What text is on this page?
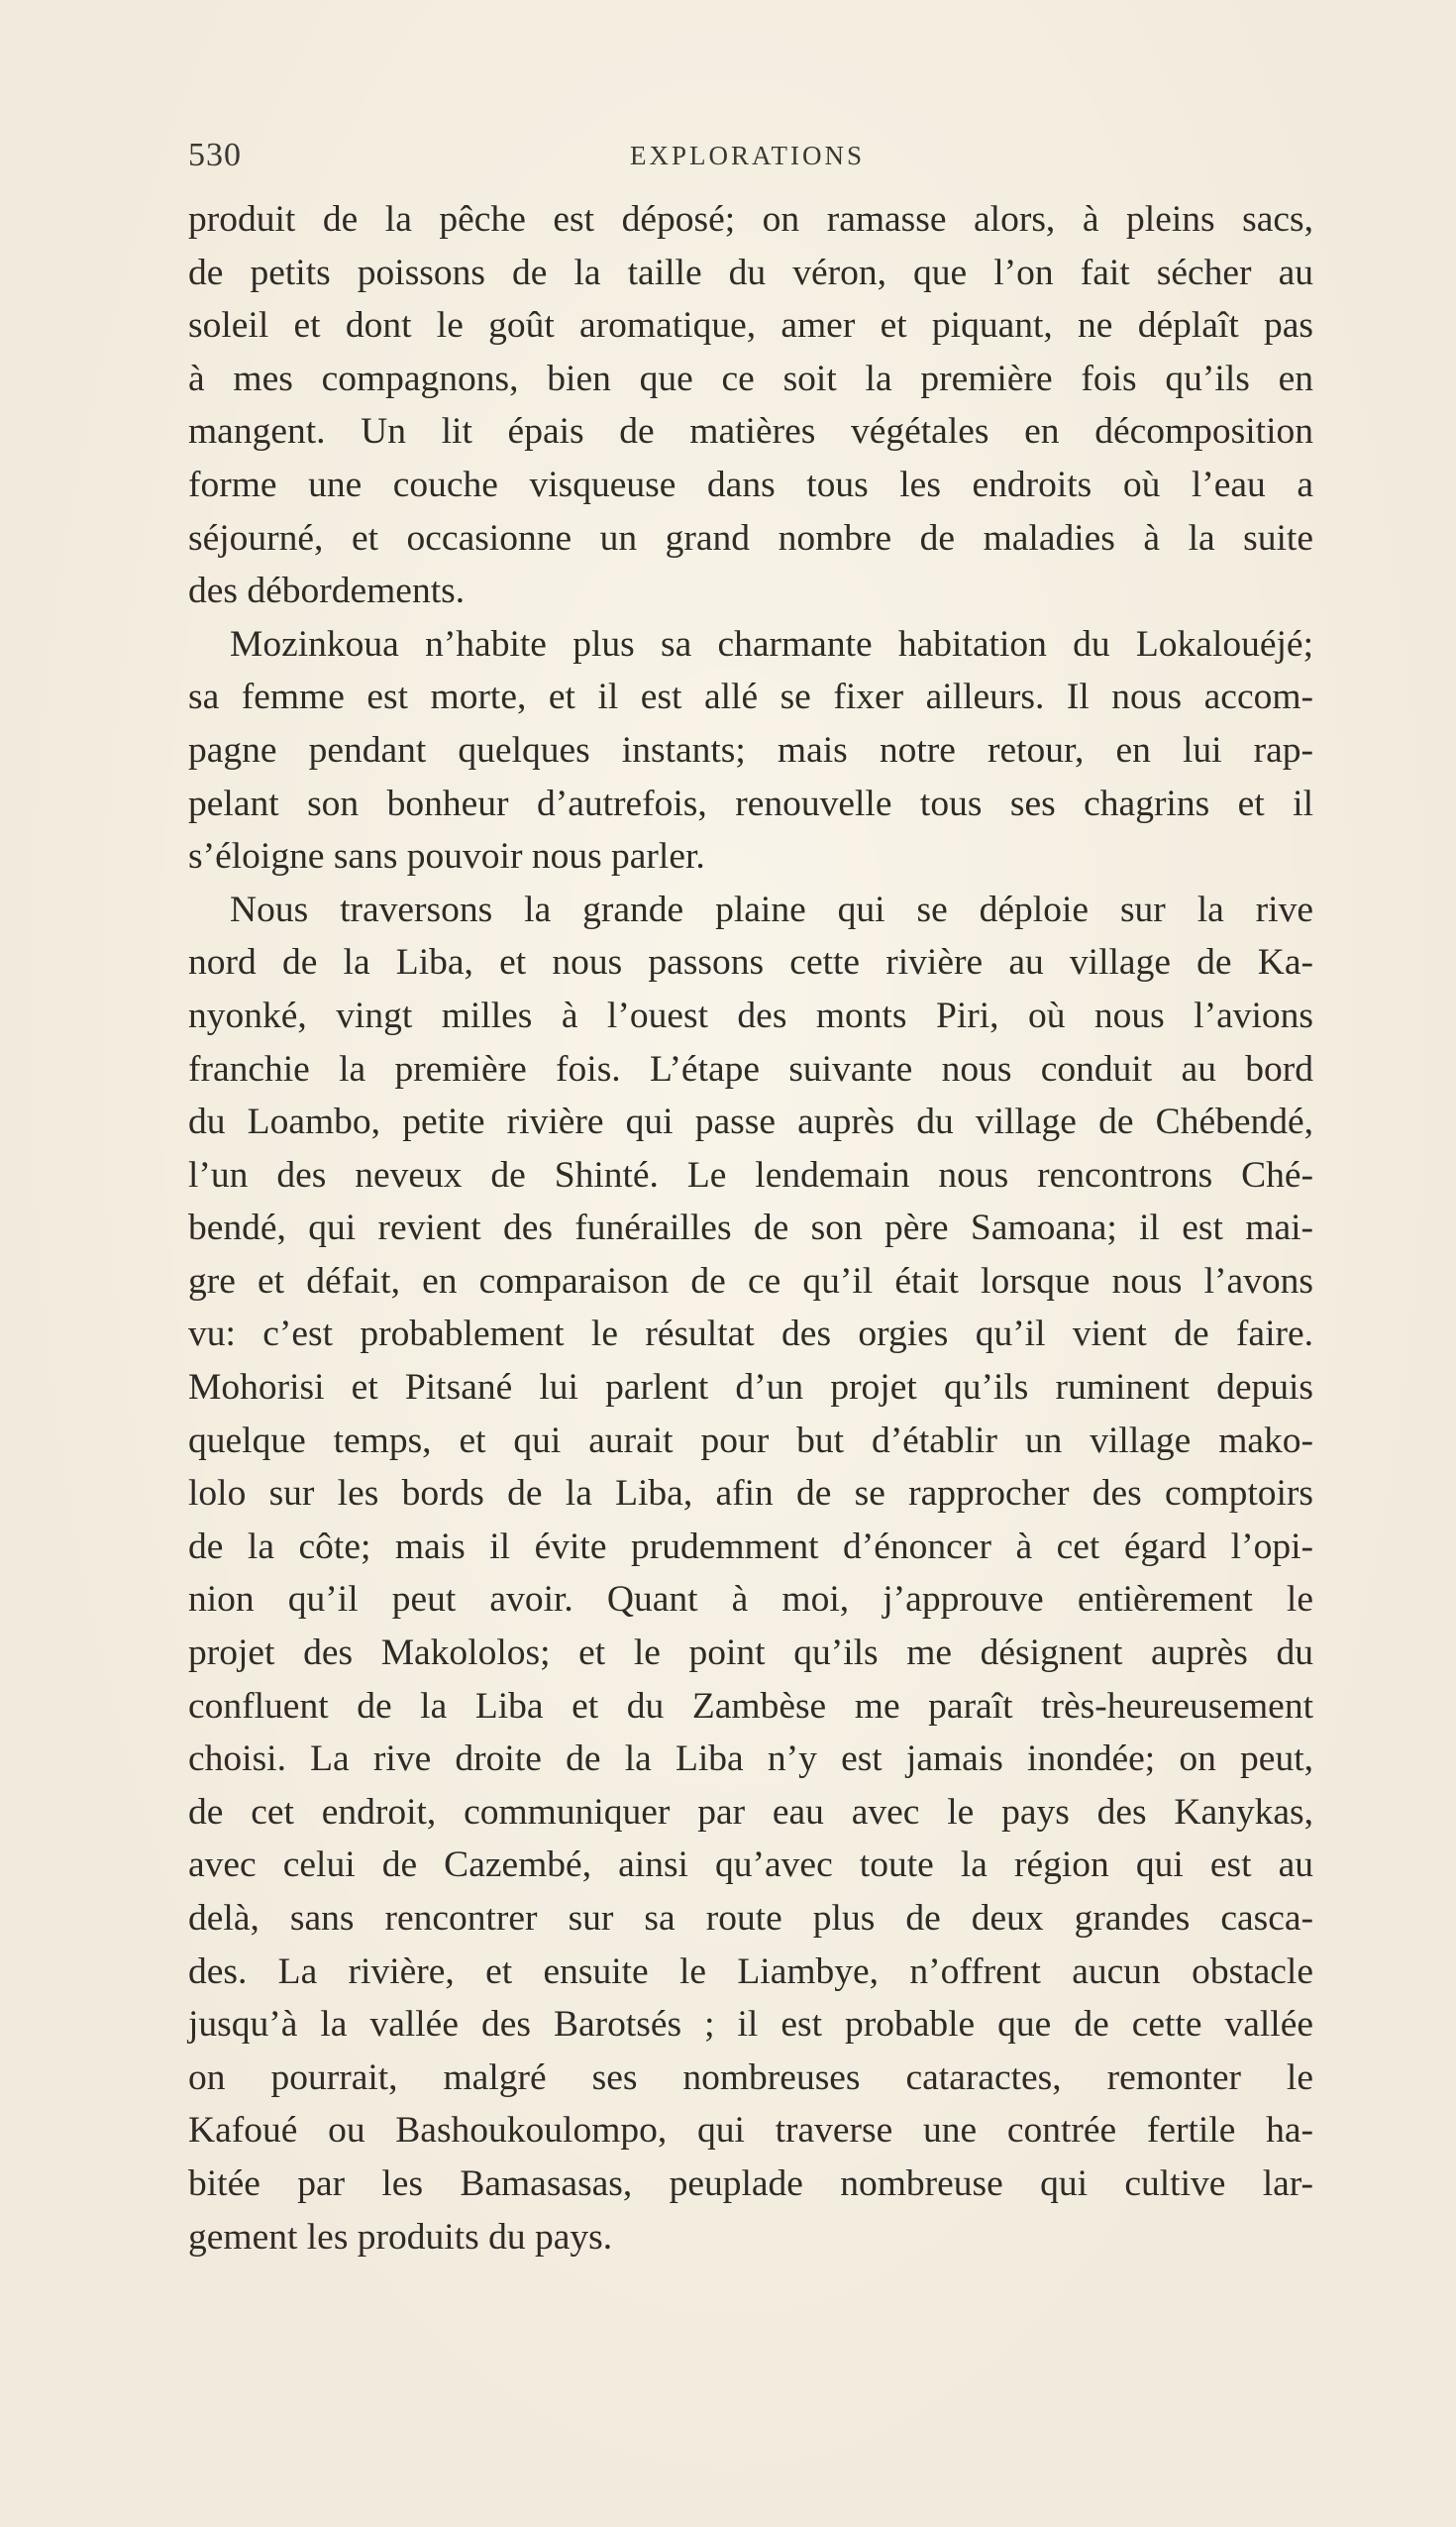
530	EXPLORATIONS
produit de la pêche est déposé; on ramasse alors, à pleins sacs,
de petits poissons de la taille du véron, que l’on fait sécher au
soleil et dont le goût aromatique, amer et piquant, ne déplaît pas
à mes compagnons, bien que ce soit la première fois qu’ils en
mangent. Un lit épais de matières végétales en décomposition
forme une couche visqueuse dans tous les endroits où l’eau a
séjourné, et occasionne un grand nombre de maladies à la suite
des débordements.
Mozinkoua n’habite plus sa charmante habitation du Lokalouéjé;
sa femme est morte, et il est allé se fixer ailleurs. Il nous accom-
pagne pendant quelques instants; mais notre retour, en lui rap-
pelant son bonheur d’autrefois, renouvelle tous ses chagrins et il
s’éloigne sans pouvoir nous parler.
Nous traversons la grande plaine qui se déploie sur la rive
nord de la Liba, et nous passons cette rivière au village de Ka-
nyonké, vingt milles à l’ouest des monts Piri, où nous l’avions
franchie la première fois. L’étape suivante nous conduit au bord
du Loambo, petite rivière qui passe auprès du village de Chébendé,
l’un des neveux de Shinté. Le lendemain nous rencontrons Ché-
bendé, qui revient des funérailles de son père Samoana; il est mai-
gre et défait, en comparaison de ce qu’il était lorsque nous l’avons
vu: c’est probablement le résultat des orgies qu’il vient de faire.
Mohorisi et Pitsané lui parlent d’un projet qu’ils ruminent depuis
quelque temps, et qui aurait pour but d’établir un village mako-
lolo sur les bords de la Liba, afin de se rapprocher des comptoirs
de la côte; mais il évite prudemment d’énoncer à cet égard l’opi-
nion qu’il peut avoir. Quant à moi, j’approuve entièrement le
projet des Makololos; et le point qu’ils me désignent auprès du
confluent de la Liba et du Zambèse me paraît très-heureusement
choisi. La rive droite de la Liba n’y est jamais inondée; on peut,
de cet endroit, communiquer par eau avec le pays des Kanykas,
avec celui de Cazembé, ainsi qu’avec toute la région qui est au
delà, sans rencontrer sur sa route plus de deux grandes casca-
des. La rivière, et ensuite le Liambye, n’offrent aucun obstacle
jusqu’à la vallée des Barotsés ; il est probable que de cette vallée
on pourrait, malgré ses nombreuses cataractes, remonter le
Kafoué ou Bashoukoulompo, qui traverse une contrée fertile ha-
bitée par les Bamasasas, peuplade nombreuse qui cultive lar-
gement les produits du pays.
